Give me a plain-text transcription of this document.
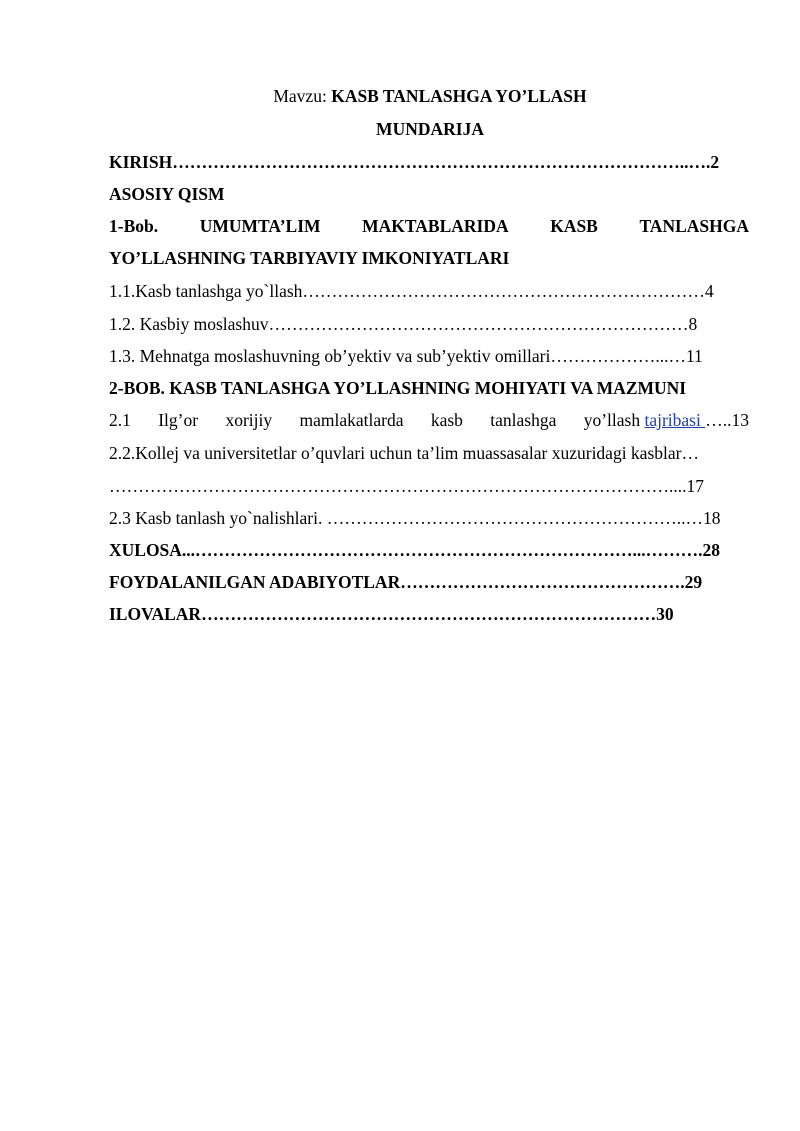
Mavzu: KASB TANLASHGA YO’LLASH
MUNDARIJA
KIRISH……………………………………………………………………………..….2
ASOSIY QISM
1-Bob. UMUMTA’LIM MAKTABLARIDA KASB TANLASHGA
YO’LLASHNING TARBIYAVIY IMKONIYATLARI
1.1.Kasb tanlashga yo`llash……………………………………………………………4
1.2. Kasbiy moslashuv………………………………………………………………8
1.3. Mehnatga moslashuvning ob’yektiv va sub’yektiv omillari………………...…11
2-BOB. KASB TANLASHGA YO’LLASHNING MOHIYATI VA MAZMUNI
2.1 Ilg’or xorijiy mamlakatlarda kasb tanlashga yo’llash tajribasi …..13
2.2.Kollej va universitetlar o’quvlari uchun ta’lim muassasalar xuzuridagi kasblar…
……………………………………………………………………………………....17
2.3 Kasb tanlash yo`nalishlari. ……………………………………………………..…18
XULOSA...…………………………………………………………………...……….28
FOYDALANILGAN ADABIYOTLAR………………………………………….29
ILOVALAR……………………………………………………………………30
